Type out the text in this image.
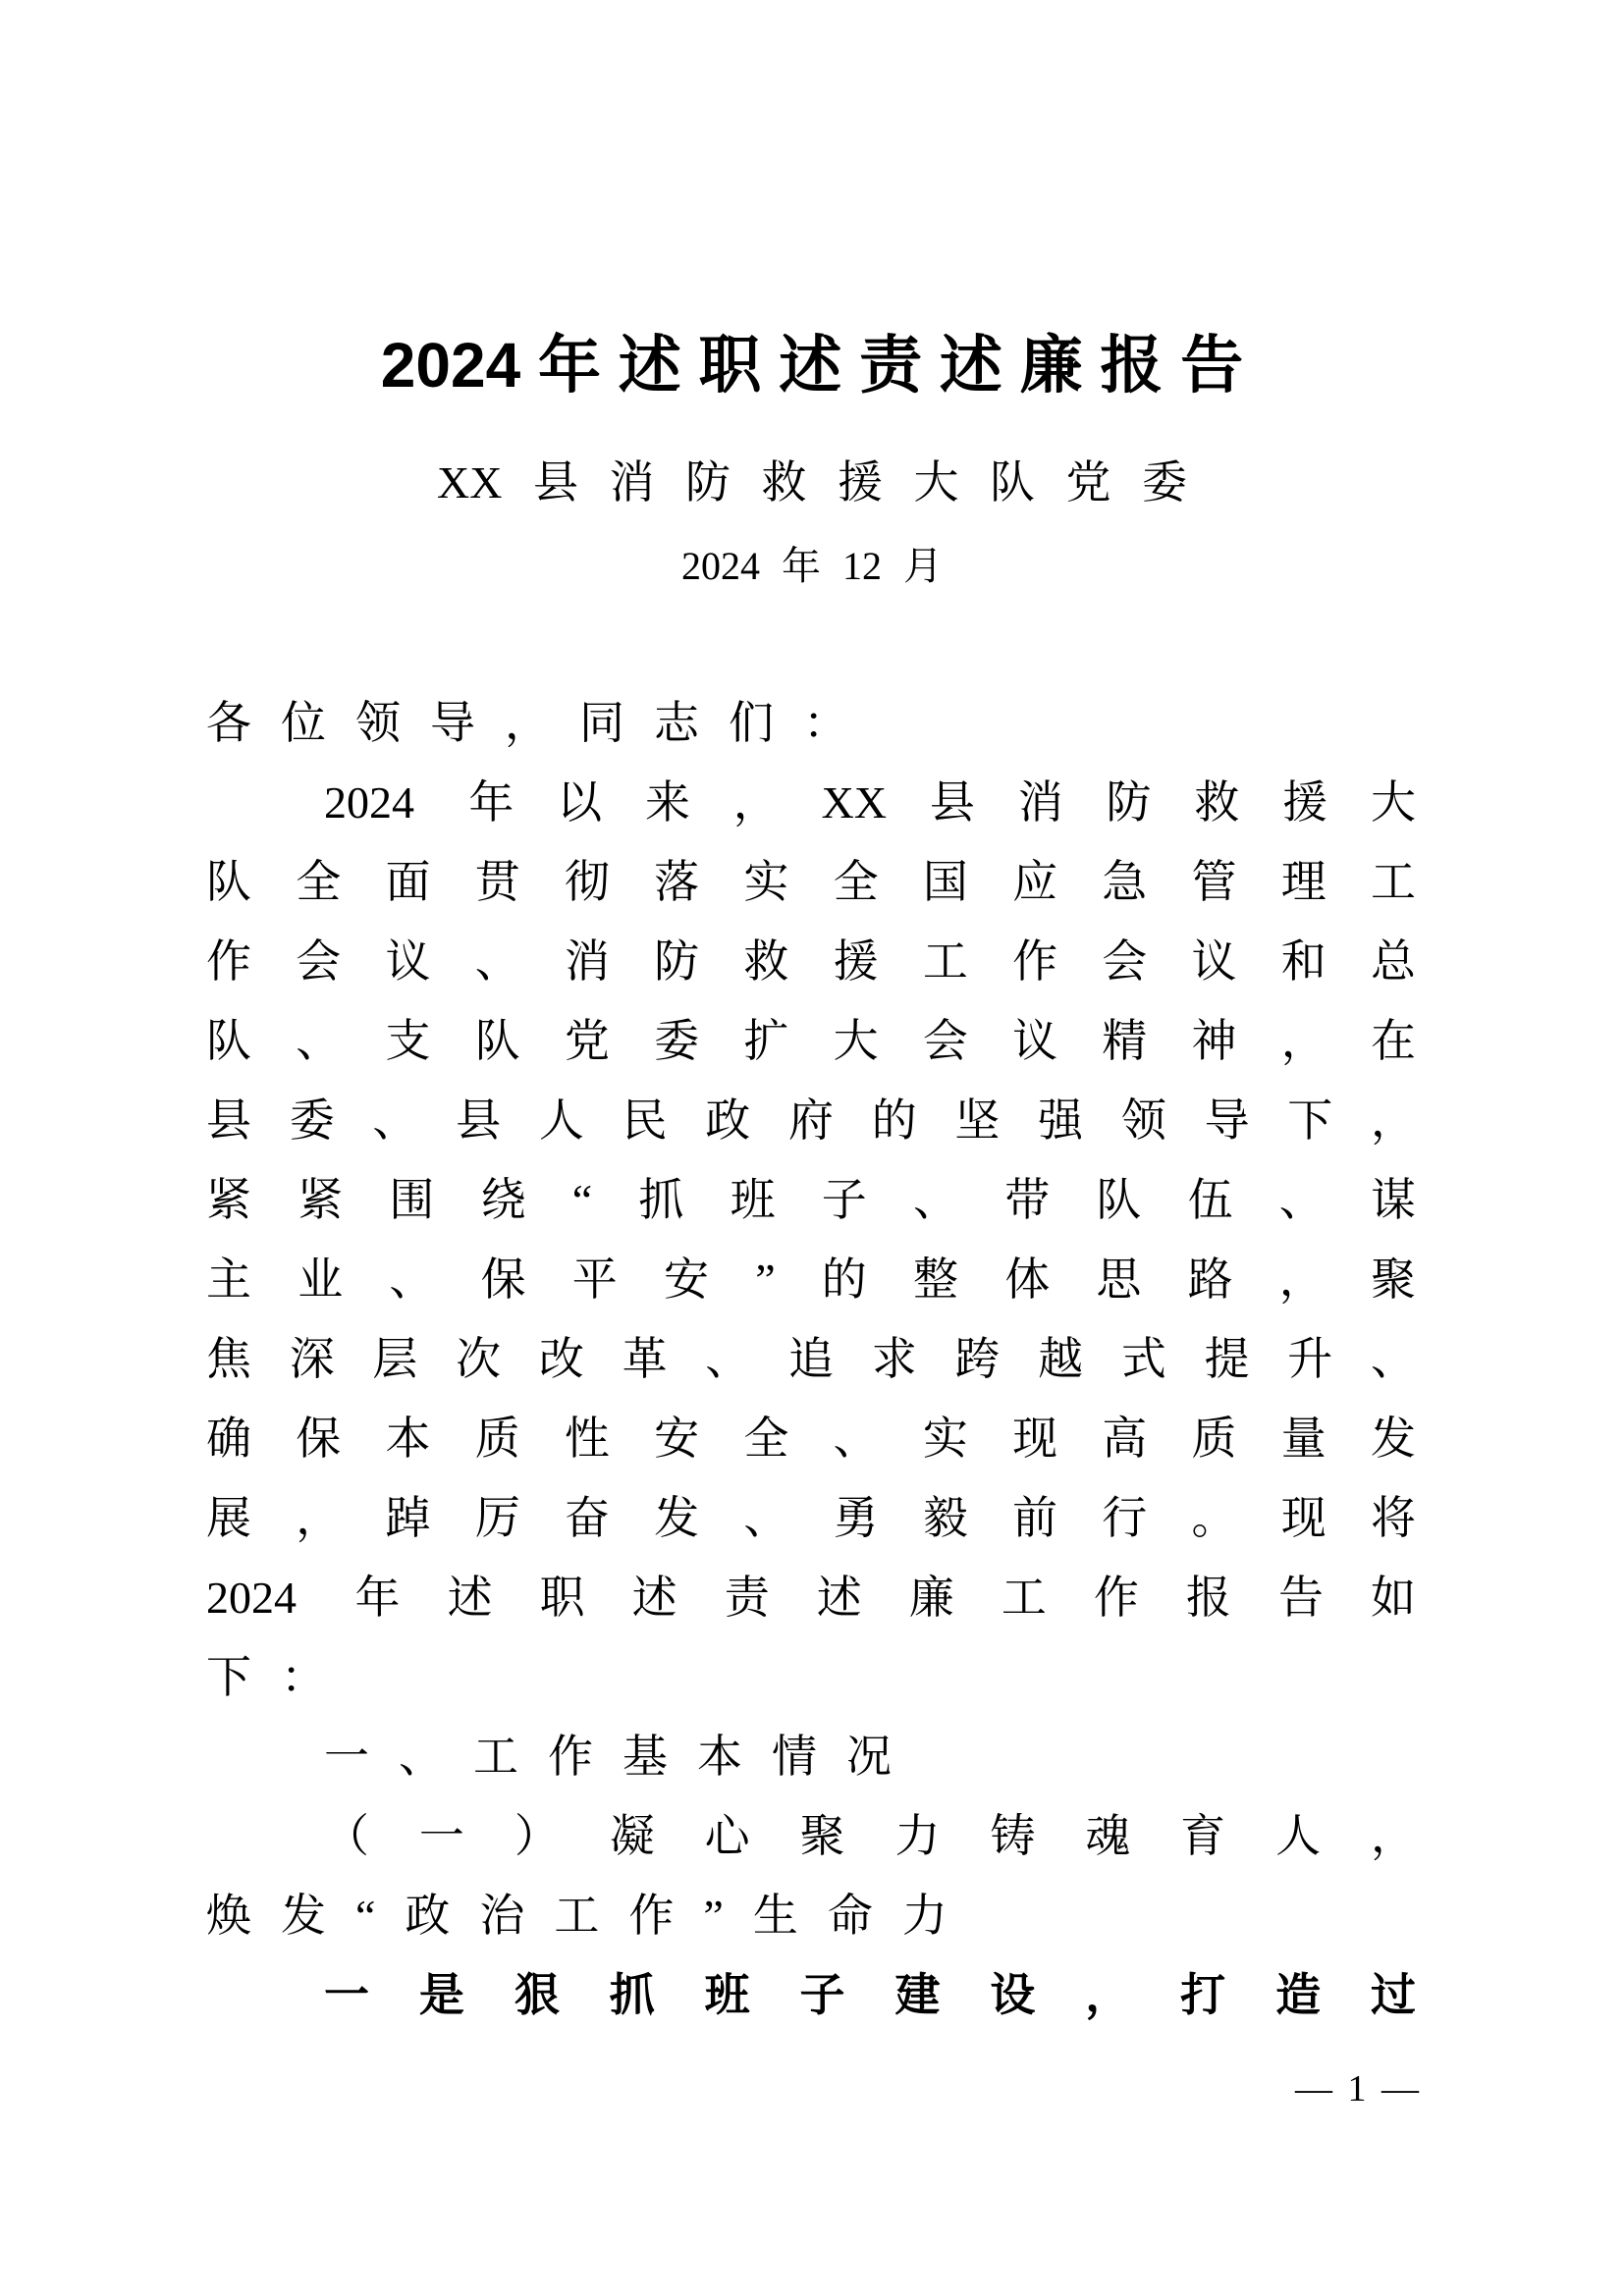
2024 年 述 职 述 责 述 廉 报 告
XX 县 消 防 救 援 大 队 党 委
2024 年 12 月
各位领导，同志们：
2024 年以来，XX县消防救援大
队全面贯彻落实全国应急管理工
作会议、消防救援工作会议和总
队、支队党委扩大会议精神，在
县委、县人民政府的坚强领导下，
紧紧围绕“抓班子、带队伍、谋
主业、保平安”的整体思路，聚
焦深层次改革、追求跨越式提升、
确保本质性安全、实现高质量发
展，踔厉奋发、勇毅前行。现将
2024 年述职述责述廉工作报告如
下：
一、工作基本情况
（一）凝心聚力铸魂育人，
焕发“政治工作”生命力
一是狠抓班子建设，打造过
— 1 —
